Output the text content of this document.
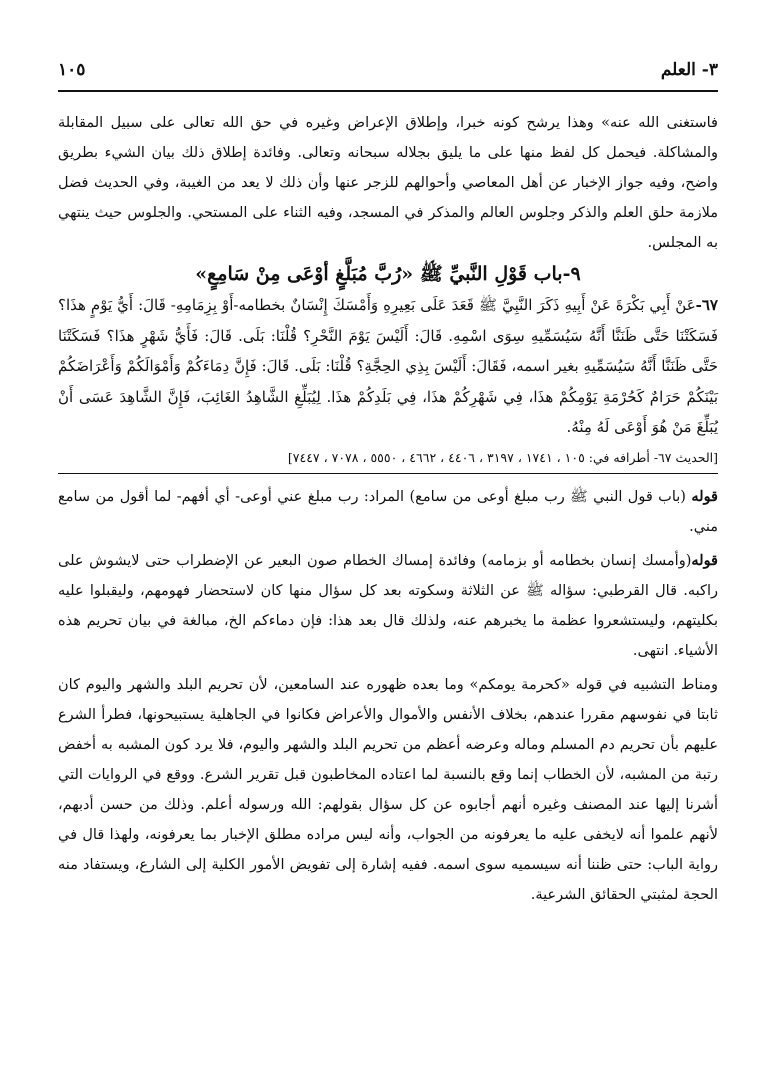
٣- العلم
١٠٥

فاستغنى الله عنه» وهذا يرشح كونه خبرا، وإطلاق الإعراض وغيره في حق الله تعالى على سبيل المقابلة والمشاكلة. فيحمل كل لفظ منها على ما يليق بجلاله سبحانه وتعالى. وفائدة إطلاق ذلك بيان الشيء بطريق واضح، وفيه جواز الإخبار عن أهل المعاصي وأحوالهم للزجر عنها وأن ذلك لا يعد من الغيبة، وفي الحديث فضل ملازمة حلق العلم والذكر وجلوس العالم والمذكر في المسجد، وفيه الثناء على المستحي. والجلوس حيث ينتهي به المجلس.

٩-باب قَوْلِ النَّبيِّ ﷺ «رُبَّ مُبَلَّغٍ أوْعَى مِنْ سَامِعٍ»

٦٧-عَنْ أَبِي بَكْرَةَ عَنْ أَبِيهِ ذَكَرَ النَّبِيَّ ﷺ قَعَدَ عَلَى بَعِيرِهِ وَأَمْسَكَ إِنْسَانٌ بخطامه-أَوْ بِزِمَامِهِ- قَالَ: أَيُّ يَوْمٍ هذَا؟ فَسَكَتْنَا حَتَّى ظَنَنَّا أَنَّهُ سَيُسَمِّيهِ سِوَى اسْمِهِ. قَالَ: أَلَيْسَ يَوْمَ النَّحْرِ؟ قُلْنَا: بَلَى. قَالَ: فَأَيُّ شَهْرٍ هذَا؟ فَسَكَتْنَا حَتَّى ظَنَنَّا أَنَّهُ سَيُسَمِّيهِ بغير اسمه، فَقَالَ: أَلَيْسَ بِذِي الحِجَّةِ؟ قُلْنَا: بَلَى. قَالَ: فَإِنَّ دِمَاءَكُمْ وَأَمْوَالَكُمْ وَأَعْرَاضَكُمْ بَيْنَكُمْ حَرَامٌ كَحُرْمَةِ يَوْمِكُمْ هذَا، فِي شَهْرِكُمْ هذَا، فِي بَلَدِكُمْ هذَا. لِيُبَلِّغِ الشَّاهِدُ الغَائِبَ، فَإِنَّ الشَّاهِدَ عَسَى أَنْ يُبَلِّغَ مَنْ هُوَ أَوْعَى لَهُ مِنْهُ.

[الحديث ٦٧- أطرافه في: ١٠٥ ، ١٧٤١ ، ٣١٩٧ ، ٤٤٠٦ ، ٤٦٦٢ ، ٥٥٥٠ ، ٧٠٧٨ ، ٧٤٤٧]

قوله (باب قول النبي ﷺ رب مبلغ أوعى من سامع) المراد: رب مبلغ عني أوعى- أي أفهم- لما أقول من سامع مني.

قوله(وأمسك إنسان بخطامه أو بزمامه) وفائدة إمساك الخطام صون البعير عن الإضطراب حتى لايشوش على راكبه. قال القرطبي: سؤاله ﷺ عن الثلاثة وسكوته بعد كل سؤال منها كان لاستحضار فهومهم، وليقبلوا عليه بكليتهم، وليستشعروا عظمة ما يخبرهم عنه، ولذلك قال بعد هذا: فإن دماءكم الخ، مبالغة في بيان تحريم هذه الأشياء. انتهى.

ومناط التشبيه في قوله «كحرمة يومكم» وما بعده ظهوره عند السامعين، لأن تحريم البلد والشهر واليوم كان ثابتا في نفوسهم مقررا عندهم، بخلاف الأنفس والأموال والأعراض فكانوا في الجاهلية يستبيحونها، فطرأ الشرع عليهم بأن تحريم دم المسلم وماله وعرضه أعظم من تحريم البلد والشهر واليوم، فلا يرد كون المشبه به أخفض رتبة من المشبه، لأن الخطاب إنما وقع بالنسبة لما اعتاده المخاطبون قبل تقرير الشرع. ووقع في الروايات التي أشرنا إليها عند المصنف وغيره أنهم أجابوه عن كل سؤال بقولهم: الله ورسوله أعلم. وذلك من حسن أدبهم، لأنهم علموا أنه لايخفى عليه ما يعرفونه من الجواب، وأنه ليس مراده مطلق الإخبار بما يعرفونه، ولهذا قال في رواية الباب: حتى ظننا أنه سيسميه سوى اسمه. ففيه إشارة إلى تفويض الأمور الكلية إلى الشارع، ويستفاد منه الحجة لمثبتي الحقائق الشرعية.
